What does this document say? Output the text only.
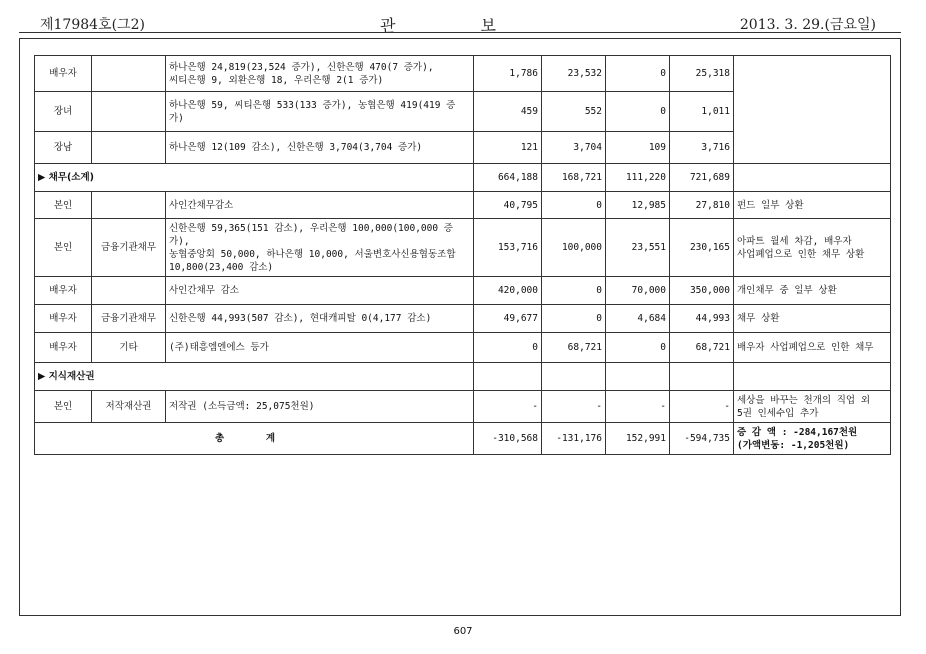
제17984호(그2)	관 보	2013. 3. 29.(금요일)
배우자		하나은행 24,819(23,524 증가), 신한은행 470(7 증가),
씨티은행 9, 외환은행 18, 우리은행 2(1 증가)	1,786	23,532	0	25,318	
장녀		하나은행 59, 씨티은행 533(133 증가), 농협은행 419(419 증가)	459	552	0	1,011	
장남		하나은행 12(109 감소), 신한은행 3,704(3,704 증가)	121	3,704	109	3,716	
▶ 채무(소계)			664,188	168,721	111,220	721,689	
본인		사인간채무감소	40,795	0	12,985	27,810	펀드 일부 상환
본인	금융기관채무	신한은행 59,365(151 감소), 우리은행 100,000(100,000 증가),
농협중앙회 50,000, 하나은행 10,000, 서울변호사신용협동조합
10,800(23,400 감소)	153,716	100,000	23,551	230,165	아파트 월세 차감, 배우자
사업폐업으로 인한 채무 상환
배우자		사인간채무 감소	420,000	0	70,000	350,000	개인채무 중 일부 상환
배우자	금융기관채무	신한은행 44,993(507 감소), 현대캐피탈 0(4,177 감소)	49,677	0	4,684	44,993	채무 상환
배우자	기타	(주)태흥엠엔에스 등가	0	68,721	0	68,721	배우자 사업폐업으로 인한 채무
▶ 지식재산권							
본인	저작재산권	저작권 (소득금액: 25,075천원)	-	-	-	-	세상을 바꾸는 천개의 직업 외
5권 인세수입 추가
총 계			-310,568	-131,176	152,991	-594,735	증 감 액 : -284,167천원
(가액변동: -1,205천원)
607
